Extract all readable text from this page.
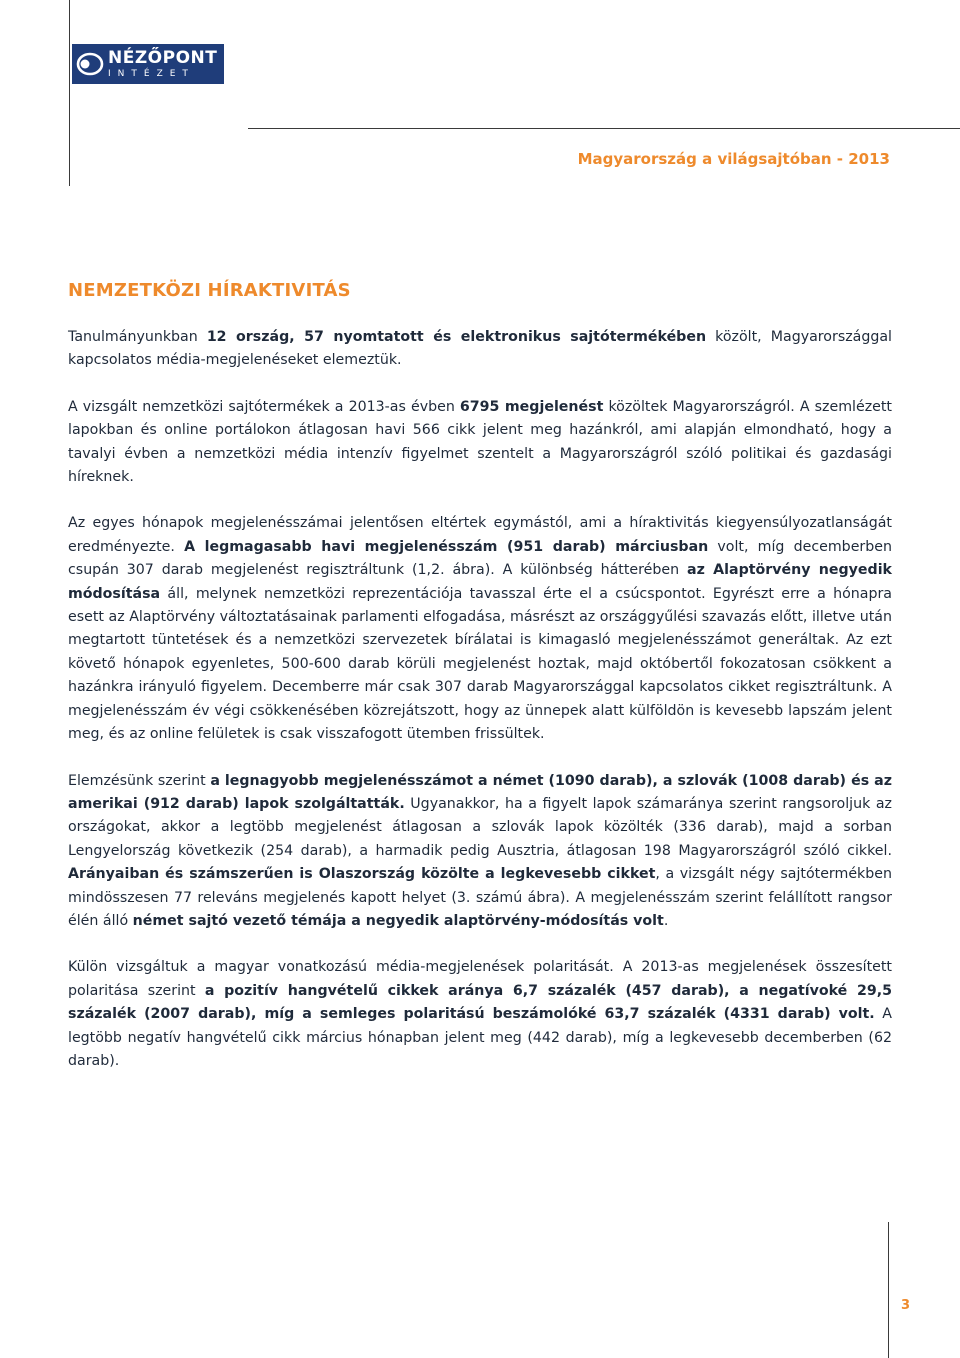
NÉZŐPONT
INTÉZET
Magyarország a világsajtóban - 2013
NEMZETKÖZI HÍRAKTIVITÁS

Tanulmányunkban 12 ország, 57 nyomtatott és elektronikus sajtótermékében közölt, Magyarországgal kapcsolatos média-megjelenéseket elemeztük.

A vizsgált nemzetközi sajtótermékek a 2013-as évben 6795 megjelenést közöltek Magyarországról. A szemlézett lapokban és online portálokon átlagosan havi 566 cikk jelent meg hazánkról, ami alapján elmondható, hogy a tavalyi évben a nemzetközi média intenzív figyelmet szentelt a Magyarországról szóló politikai és gazdasági híreknek.

Az egyes hónapok megjelenésszámai jelentősen eltértek egymástól, ami a híraktivitás kiegyensúlyozatlanságát eredményezte. A legmagasabb havi megjelenésszám (951 darab) márciusban volt, míg decemberben csupán 307 darab megjelenést regisztráltunk (1,2. ábra). A különbség hátterében az Alaptörvény negyedik módosítása áll, melynek nemzetközi reprezentációja tavasszal érte el a csúcspontot. Egyrészt erre a hónapra esett az Alaptörvény változtatásainak parlamenti elfogadása, másrészt az országgyűlési szavazás előtt, illetve után megtartott tüntetések és a nemzetközi szervezetek bírálatai is kimagasló megjelenésszámot generáltak. Az ezt követő hónapok egyenletes, 500-600 darab körüli megjelenést hoztak, majd októbertől fokozatosan csökkent a hazánkra irányuló figyelem. Decemberre már csak 307 darab Magyarországgal kapcsolatos cikket regisztráltunk. A megjelenésszám év végi csökkenésében közrejátszott, hogy az ünnepek alatt külföldön is kevesebb lapszám jelent meg, és az online felületek is csak visszafogott ütemben frissültek.

Elemzésünk szerint a legnagyobb megjelenésszámot a német (1090 darab), a szlovák (1008 darab) és az amerikai (912 darab) lapok szolgáltatták. Ugyanakkor, ha a figyelt lapok számaránya szerint rangsoroljuk az országokat, akkor a legtöbb megjelenést átlagosan a szlovák lapok közölték (336 darab), majd a sorban Lengyelország következik (254 darab), a harmadik pedig Ausztria, átlagosan 198 Magyarországról szóló cikkel. Arányaiban és számszerűen is Olaszország közölte a legkevesebb cikket, a vizsgált négy sajtótermékben mindösszesen 77 releváns megjelenés kapott helyet (3. számú ábra). A megjelenésszám szerint felállított rangsor élén álló német sajtó vezető témája a negyedik alaptörvény-módosítás volt.

Külön vizsgáltuk a magyar vonatkozású média-megjelenések polaritását. A 2013-as megjelenések összesített polaritása szerint a pozitív hangvételű cikkek aránya 6,7 százalék (457 darab), a negatívoké 29,5 százalék (2007 darab), míg a semleges polaritású beszámolóké 63,7 százalék (4331 darab) volt. A legtöbb negatív hangvételű cikk március hónapban jelent meg (442 darab), míg a legkevesebb decemberben (62 darab).

3
